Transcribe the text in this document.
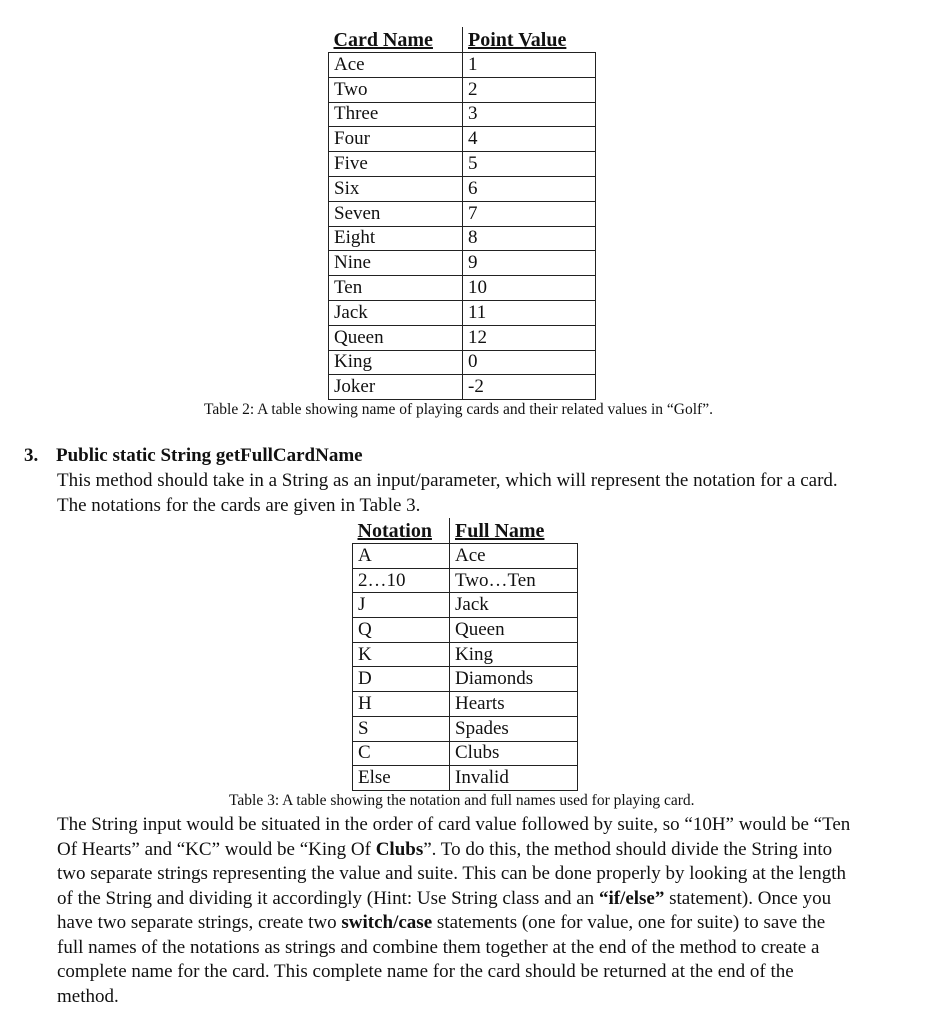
Card Name	Point Value
Ace	1
Two	2
Three	3
Four	4
Five	5
Six	6
Seven	7
Eight	8
Nine	9
Ten	10
Jack	11
Queen	12
King	0
Joker	-2
Table 2: A table showing name of playing cards and their related values in “Golf”.
3. Public static String getFullCardName
This method should take in a String as an input/parameter, which will represent the notation for a card.
The notations for the cards are given in Table 3.
Notation	Full Name
A	Ace
2…10	Two…Ten
J	Jack
Q	Queen
K	King
D	Diamonds
H	Hearts
S	Spades
C	Clubs
Else	Invalid
Table 3: A table showing the notation and full names used for playing card.
The String input would be situated in the order of card value followed by suite, so “10H” would be “Ten
Of Hearts” and “KC” would be “King Of Clubs”. To do this, the method should divide the String into
two separate strings representing the value and suite. This can be done properly by looking at the length
of the String and dividing it accordingly (Hint: Use String class and an “if/else” statement). Once you
have two separate strings, create two switch/case statements (one for value, one for suite) to save the
full names of the notations as strings and combine them together at the end of the method to create a
complete name for the card. This complete name for the card should be returned at the end of the
method.
